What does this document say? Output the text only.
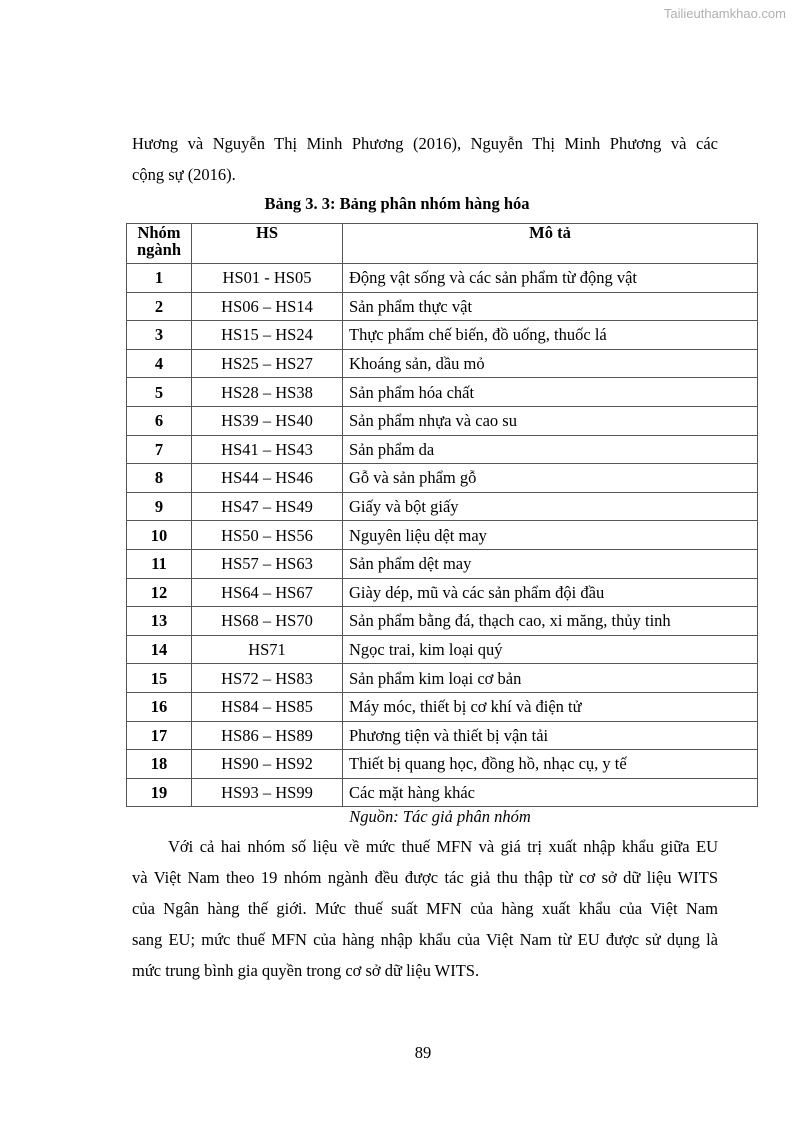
Tailieuthamkhao.com
Hương và Nguyễn Thị Minh Phương (2016), Nguyễn Thị Minh Phương và các
cộng sự (2016).
Bảng 3. 3: Bảng phân nhóm hàng hóa
Nhóm ngành	HS	Mô tả
1	HS01 - HS05	Động vật sống và các sản phẩm từ động vật
2	HS06 – HS14	Sản phẩm thực vật
3	HS15 – HS24	Thực phẩm chế biến, đồ uống, thuốc lá
4	HS25 – HS27	Khoáng sản, dầu mỏ
5	HS28 – HS38	Sản phẩm hóa chất
6	HS39 – HS40	Sản phẩm nhựa và cao su
7	HS41 – HS43	Sản phẩm da
8	HS44 – HS46	Gỗ và sản phẩm gỗ
9	HS47 – HS49	Giấy và bột giấy
10	HS50 – HS56	Nguyên liệu dệt may
11	HS57 – HS63	Sản phẩm dệt may
12	HS64 – HS67	Giày dép, mũ và các sản phẩm đội đầu
13	HS68 – HS70	Sản phẩm bằng đá, thạch cao, xi măng, thủy tinh
14	HS71	Ngọc trai, kim loại quý
15	HS72 – HS83	Sản phẩm kim loại cơ bản
16	HS84 – HS85	Máy móc, thiết bị cơ khí và điện tử
17	HS86 – HS89	Phương tiện và thiết bị vận tải
18	HS90 – HS92	Thiết bị quang học, đồng hồ, nhạc cụ, y tế
19	HS93 – HS99	Các mặt hàng khác
Nguồn: Tác giả phân nhóm
Với cả hai nhóm số liệu về mức thuế MFN và giá trị xuất nhập khẩu giữa EU
và Việt Nam theo 19 nhóm ngành đều được tác giả thu thập từ cơ sở dữ liệu WITS
của Ngân hàng thế giới. Mức thuế suất MFN của hàng xuất khẩu của Việt Nam
sang EU; mức thuế MFN của hàng nhập khẩu của Việt Nam từ EU được sử dụng là
mức trung bình gia quyền trong cơ sở dữ liệu WITS.
89
